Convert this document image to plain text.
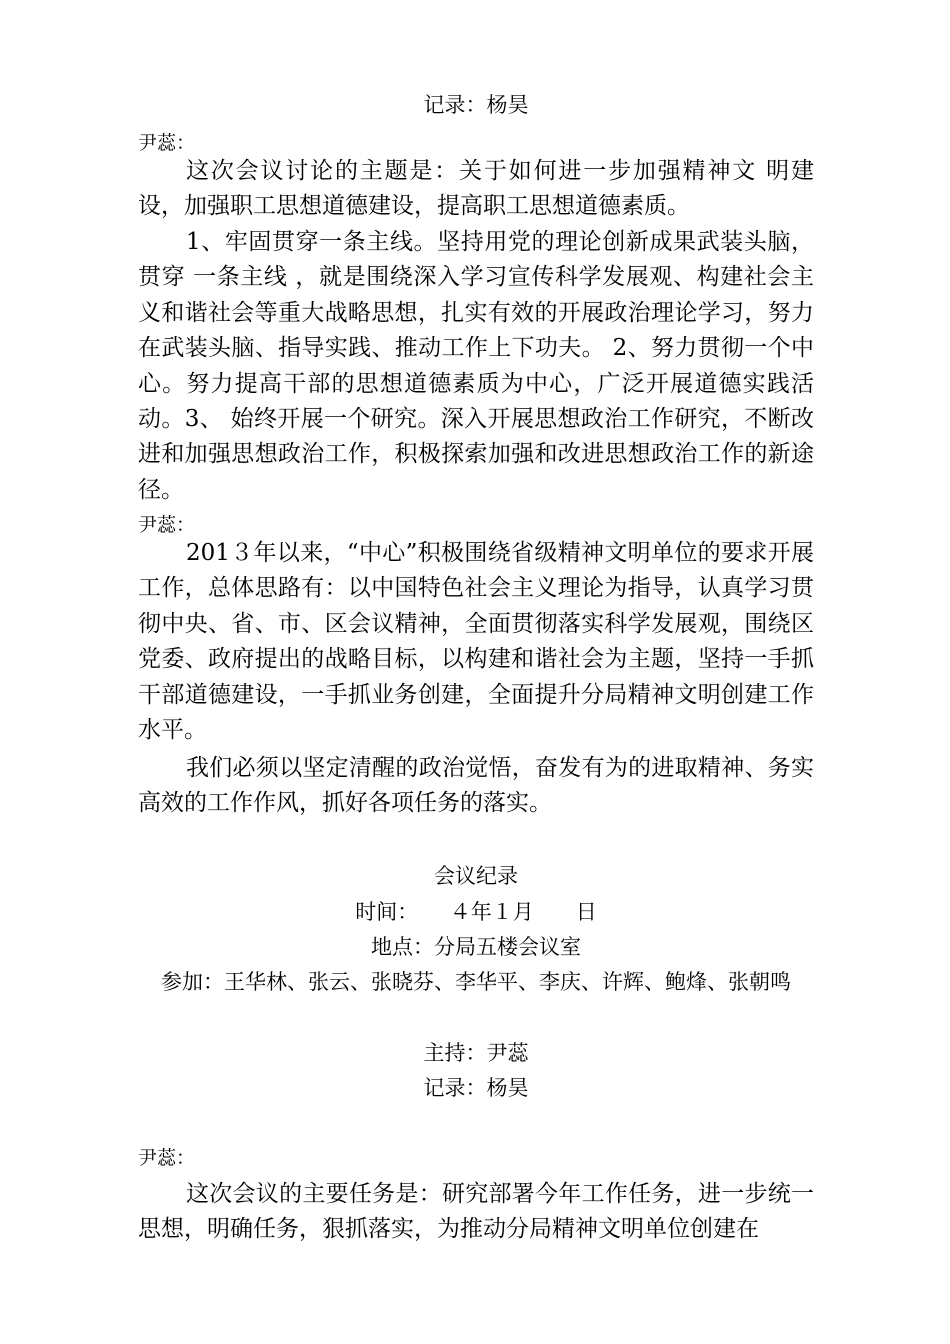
记录：杨昊
尹蕊：

这次会议讨论的主题是：关于如何进一步加强精神文 明建设，加强职工思想道德建设，提高职工思想道德素质。

1、牢固贯穿一条主线。坚持用党的理论创新成果武装头脑，贯穿 一条主线 ，就是围绕深入学习宣传科学发展观、构建社会主义和谐社会等重大战略思想，扎实有效的开展政治理论学习，努力在武装头脑、指导实践、推动工作上下功夫。 2、努力贯彻一个中心。努力提高干部的思想道德素质为中心，广泛开展道德实践活动。3、 始终开展一个研究。深入开展思想政治工作研究，不断改进和加强思想政治工作，积极探索加强和改进思想政治工作的新途径。

尹蕊：

201３年以来，“中心”积极围绕省级精神文明单位的要求开展工作，总体思路有：以中国特色社会主义理论为指导，认真学习贯彻中央、省、市、区会议精神，全面贯彻落实科学发展观，围绕区党委、政府提出的战略目标，以构建和谐社会为主题，坚持一手抓干部道德建设，一手抓业务创建，全面提升分局精神文明创建工作水平。

我们必须以坚定清醒的政治觉悟，奋发有为的进取精神、务实高效的工作作风，抓好各项任务的落实。

会议纪录
时间：　　４年１月　　日
地点：分局五楼会议室

参加：王华林、张云、张晓芬、李华平、李庆、许辉、鲍烽、张朝鸣

主持：尹蕊
记录：杨昊
尹蕊：

这次会议的主要任务是：研究部署今年工作任务，进一步统一思想，明确任务，狠抓落实，为推动分局精神文明单位创建在
